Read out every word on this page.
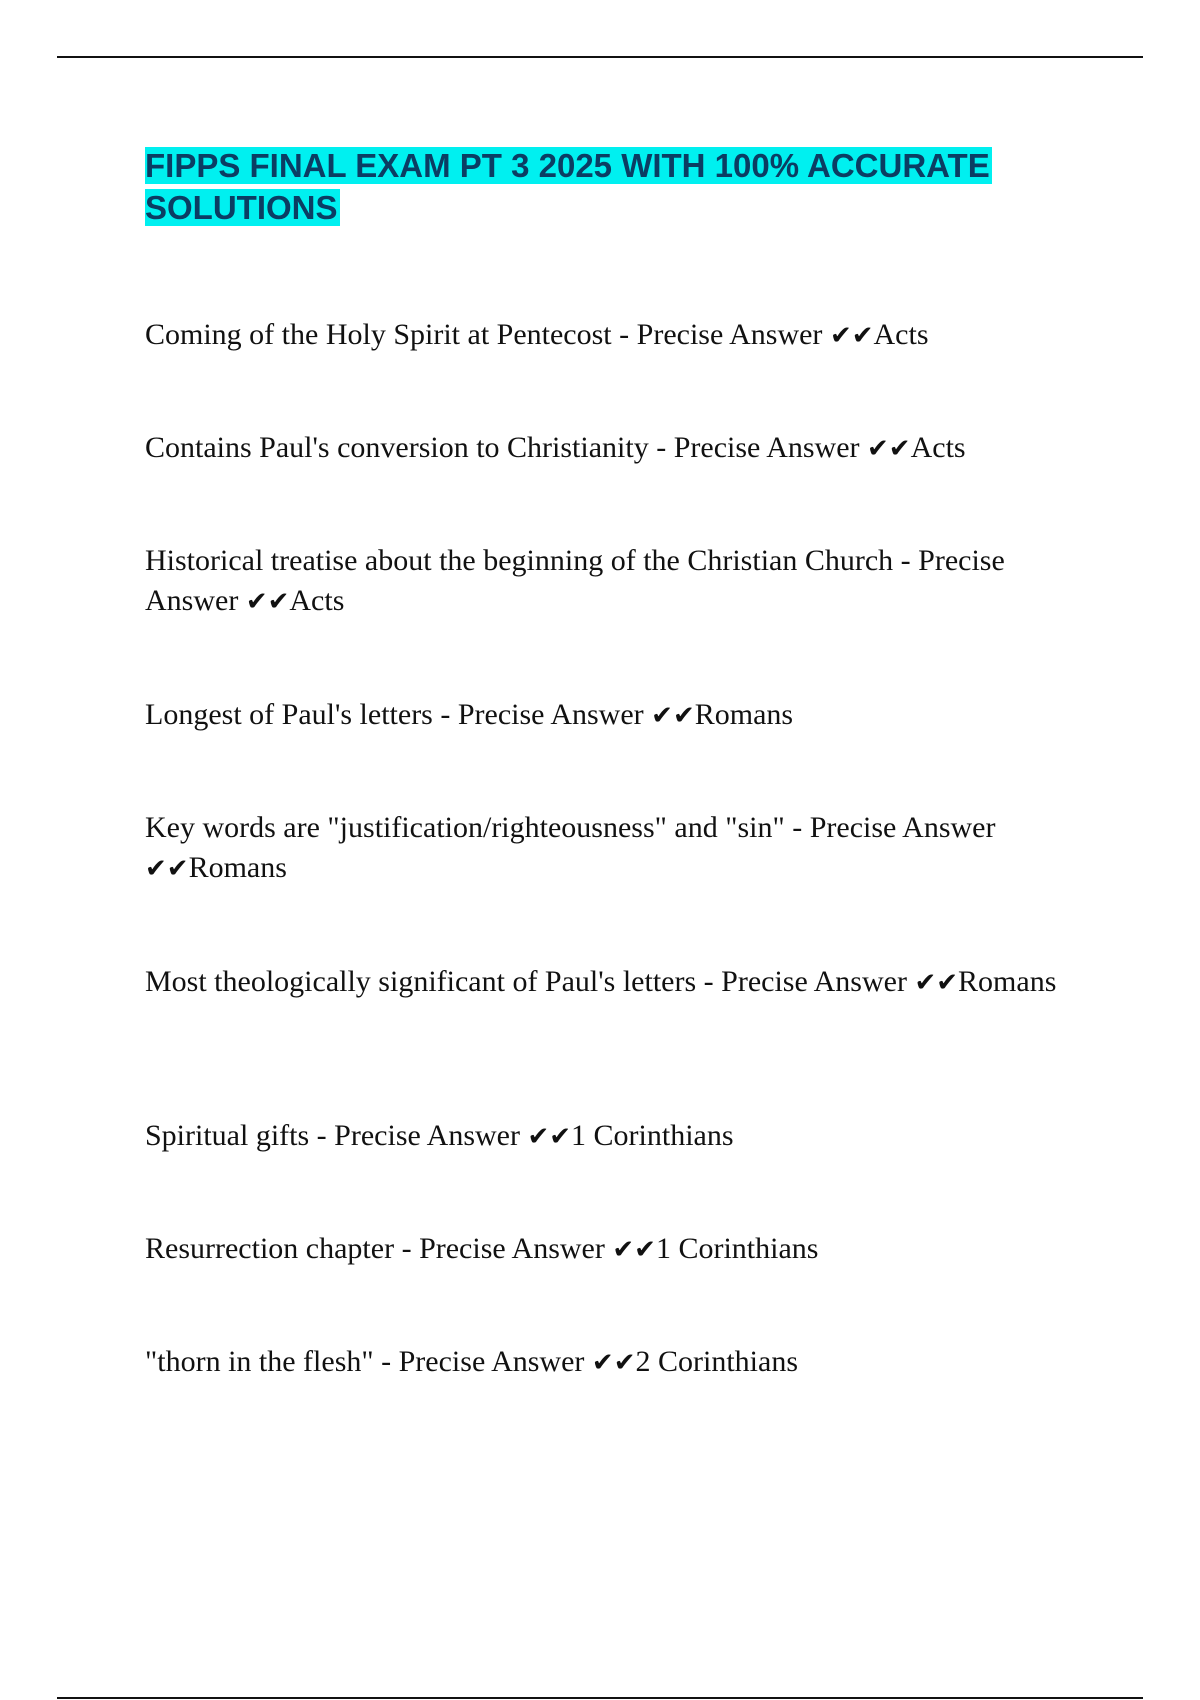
FIPPS FINAL EXAM PT 3 2025 WITH 100% ACCURATE
SOLUTIONS

Coming of the Holy Spirit at Pentecost - Precise Answer ✔✔Acts

Contains Paul's conversion to Christianity - Precise Answer ✔✔Acts

Historical treatise about the beginning of the Christian Church - Precise Answer ✔✔Acts

Longest of Paul's letters - Precise Answer ✔✔Romans

Key words are "justification/righteousness" and "sin" - Precise Answer ✔✔Romans

Most theologically significant of Paul's letters - Precise Answer ✔✔Romans

Spiritual gifts - Precise Answer ✔✔1 Corinthians

Resurrection chapter - Precise Answer ✔✔1 Corinthians

"thorn in the flesh" - Precise Answer ✔✔2 Corinthians
